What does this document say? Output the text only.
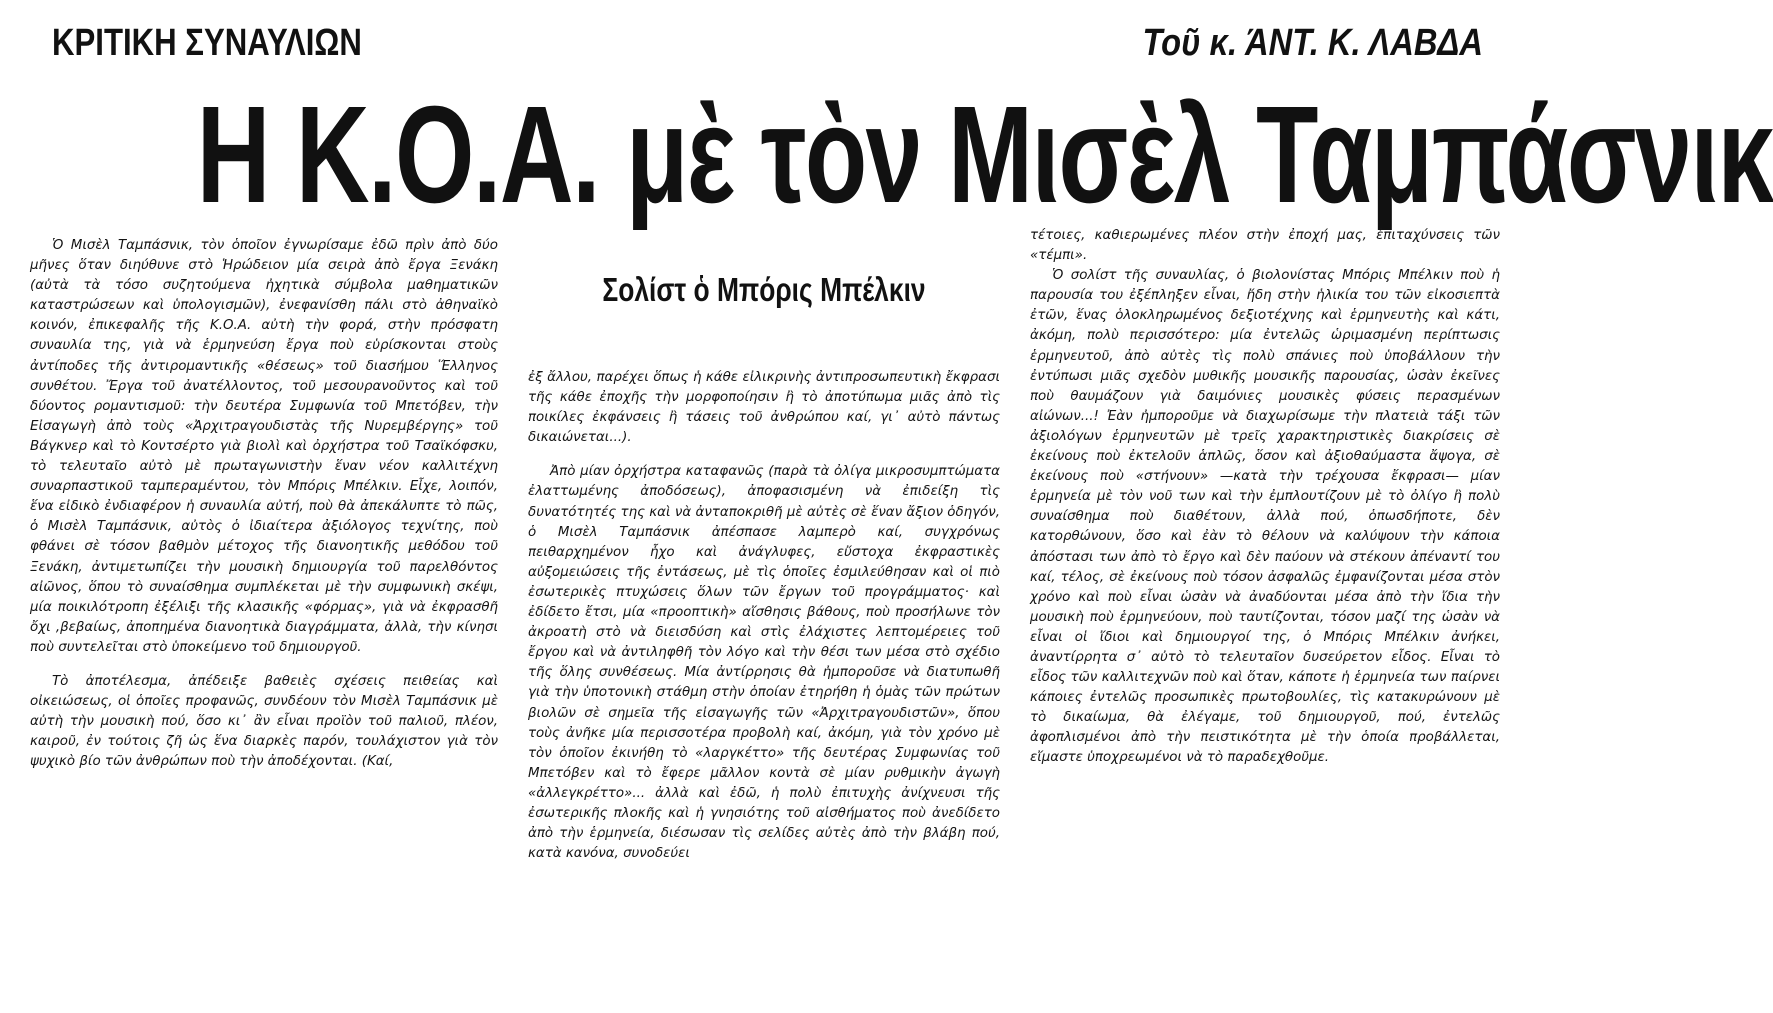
ΚΡΙΤΙΚΗ ΣΥΝΑΥΛΙΩΝ	Τοῦ κ. ΆΝΤ. Κ. ΛΑΒΔΑ
Η Κ.Ο.Α. μὲ τὸν Μισὲλ Ταμπάσνικ

Ὁ Μισὲλ Ταμπάσνικ, τὸν ὁποῖον ἐγνωρίσαμε ἐδῶ πρὶν ἀπὸ δύο μῆνες ὅταν διηύθυνε στὸ Ἡρώδειον μία σειρὰ ἀπὸ ἔργα Ξενάκη (αὐτὰ τὰ τόσο συζητούμενα ἠχητικὰ σύμβολα μαθηματικῶν καταστρώσεων καὶ ὑπολογισμῶν), ἐνεφανίσθη πάλι στὸ ἀθηναϊκὸ κοινόν, ἐπικεφαλῆς τῆς Κ.Ο.Α. αὐτὴ τὴν φορά, στὴν πρόσφατη συναυλία της, γιὰ νὰ ἑρμηνεύση ἔργα ποὺ εὑρίσκονται στοὺς ἀντίποδες τῆς ἀντιρομαντικῆς «θέσεως» τοῦ διασήμου Ἕλληνος συνθέτου. Ἔργα τοῦ ἀνατέλλοντος, τοῦ μεσουρανοῦντος καὶ τοῦ δύοντος ρομαντισμοῦ: τὴν δευτέρα Συμφωνία τοῦ Μπετόβεν, τὴν Εἰσαγωγὴ ἀπὸ τοὺς «Ἀρχιτραγουδιστὰς τῆς Νυρεμβέργης» τοῦ Βάγκνερ καὶ τὸ Κοντσέρτο γιὰ βιολὶ καὶ ὀρχήστρα τοῦ Τσαϊκόφσκυ, τὸ τελευταῖο αὐτὸ μὲ πρωταγωνιστὴν ἕναν νέον καλλιτέχνη συναρπαστικοῦ ταμπεραμέντου, τὸν Μπόρις Μπέλκιν. Εἶχε, λοιπόν, ἕνα εἰδικὸ ἐνδιαφέρον ἡ συναυλία αὐτή, ποὺ θὰ ἀπεκάλυπτε τὸ πῶς, ὁ Μισὲλ Ταμπάσνικ, αὐτὸς ὁ ἰδιαίτερα ἀξιόλογος τεχνίτης, ποὺ φθάνει σὲ τόσον βαθμὸν μέτοχος τῆς διανοητικῆς μεθόδου τοῦ Ξενάκη, ἀντιμετωπίζει τὴν μουσικὴ δημιουργία τοῦ παρελθόντος αἰῶνος, ὅπου τὸ συναίσθημα συμπλέκεται μὲ τὴν συμφωνικὴ σκέψι, μία ποικιλότροπη ἐξέλιξι τῆς κλασικῆς «φόρμας», γιὰ νὰ ἐκφρασθῆ ὄχι ,βεβαίως, ἀποπημένα διανοητικὰ διαγράμματα, ἀλλὰ, τὴν κίνησι ποὺ συντελεῖται στὸ ὑποκείμενο τοῦ δημιουργοῦ.

Τὸ ἀποτέλεσμα, ἀπέδειξε βαθειὲς σχέσεις πειθείας καὶ οἰκειώσεως, οἱ ὁποῖες προφανῶς, συνδέουν τὸν Μισὲλ Ταμπάσνικ μὲ αὐτὴ τὴν μουσικὴ πού, ὅσο κι᾽ ἂν εἶναι προϊὸν τοῦ παλιοῦ, πλέον, καιροῦ, ἐν τούτοις ζῆ ὡς ἕνα διαρκὲς παρόν, τουλάχιστον γιὰ τὸν ψυχικὸ βίο τῶν ἀνθρώπων ποὺ τὴν ἀποδέχονται. (Καί,

Σολίστ ὁ Μπόρις Μπέλκιν

ἐξ ἄλλου, παρέχει ὅπως ἡ κάθε εἰλικρινὴς ἀντιπροσωπευτικὴ ἔκφρασι τῆς κάθε ἐποχῆς τὴν μορφοποίησιν ἢ τὸ ἀποτύπωμα μιᾶς ἀπὸ τὶς ποικίλες ἐκφάνσεις ἢ τάσεις τοῦ ἀνθρώπου καί, γι᾽ αὐτὸ πάντως δικαιώνεται...).

Ἀπὸ μίαν ὀρχήστρα καταφανῶς (παρὰ τὰ ὀλίγα μικροσυμπτώματα ἐλαττωμένης ἀποδόσεως), ἀποφασισμένη νὰ ἐπιδείξη τὶς δυνατότητές της καὶ νὰ ἀνταποκριθῆ μὲ αὐτὲς σὲ ἕναν ἄξιον ὁδηγόν, ὁ Μισὲλ Ταμπάσνικ ἀπέσπασε λαμπερὸ καί, συγχρόνως πειθαρχημένον ἦχο καὶ ἀνάγλυφες, εὔστοχα ἐκφραστικὲς αὐξομειώσεις τῆς ἐντάσεως, μὲ τὶς ὁποῖες ἐσμιλεύθησαν καὶ οἱ πιὸ ἐσωτερικὲς πτυχώσεις ὅλων τῶν ἔργων τοῦ προγράμματος· καὶ ἐδίδετο ἔτσι, μία «προοπτικὴ» αἴσθησις βάθους, ποὺ προσήλωνε τὸν ἀκροατὴ στὸ νὰ διεισδύση καὶ στὶς ἐλάχιστες λεπτομέρειες τοῦ ἔργου καὶ νὰ ἀντιληφθῆ τὸν λόγο καὶ τὴν θέσι των μέσα στὸ σχέδιο τῆς ὅλης συνθέσεως. Μία ἀντίρρησις θὰ ἠμποροῦσε νὰ διατυπωθῆ γιὰ τὴν ὑποτονικὴ στάθμη στὴν ὁποίαν ἐτηρήθη ἡ ὁμὰς τῶν πρώτων βιολῶν σὲ σημεῖα τῆς εἰσαγωγῆς τῶν «Ἀρχιτραγουδιστῶν», ὅπου τοὺς ἀνῆκε μία περισσοτέρα προβολὴ καί, ἀκόμη, γιὰ τὸν χρόνο μὲ τὸν ὁποῖον ἐκινήθη τὸ «λαργκέττο» τῆς δευτέρας Συμφωνίας τοῦ Μπετόβεν καὶ τὸ ἔφερε μᾶλλον κοντὰ σὲ μίαν ρυθμικὴν ἀγωγὴ «ἀλλεγκρέττο»... ἀλλὰ καὶ ἐδῶ, ἡ πολὺ ἐπιτυχὴς ἀνίχνευσι τῆς ἐσωτερικῆς πλοκῆς καὶ ἡ γνησιότης τοῦ αἰσθήματος ποὺ ἀνεδίδετο ἀπὸ τὴν ἑρμηνεία, διέσωσαν τὶς σελίδες αὐτὲς ἀπὸ τὴν βλάβη πού, κατὰ κανόνα, συνοδεύει

τέτοιες, καθιερωμένες πλέον στὴν ἐποχή μας, ἐπιταχύνσεις τῶν «τέμπι».

Ὁ σολίστ τῆς συναυλίας, ὁ βιολονίστας Μπόρις Μπέλκιν ποὺ ἡ παρουσία του ἐξέπληξεν εἶναι, ἤδη στὴν ἡλικία του τῶν εἰκοσιεπτὰ ἐτῶν, ἕνας ὁλοκληρωμένος δεξιοτέχνης καὶ ἑρμηνευτὴς καὶ κάτι, ἀκόμη, πολὺ περισσότερο: μία ἐντελῶς ὡριμασμένη περίπτωσις ἑρμηνευτοῦ, ἀπὸ αὐτὲς τὶς πολὺ σπάνιες ποὺ ὑποβάλλουν τὴν ἐντύπωσι μιᾶς σχεδὸν μυθικῆς μουσικῆς παρουσίας, ὡσὰν ἐκεῖνες ποὺ θαυμάζουν γιὰ δαιμόνιες μουσικὲς φύσεις περασμένων αἰώνων...! Ἐὰν ἠμποροῦμε νὰ διαχωρίσωμε τὴν πλατειὰ τάξι τῶν ἀξιολόγων ἑρμηνευτῶν μὲ τρεῖς χαρακτηριστικὲς διακρίσεις σὲ ἐκείνους ποὺ ἐκτελοῦν ἁπλῶς, ὅσον καὶ ἀξιοθαύμαστα ἄψογα, σὲ ἐκείνους ποὺ «στήνουν» —κατὰ τὴν τρέχουσα ἔκφρασι— μίαν ἑρμηνεία μὲ τὸν νοῦ των καὶ τὴν ἐμπλουτίζουν μὲ τὸ ὀλίγο ἢ πολὺ συναίσθημα ποὺ διαθέτουν, ἀλλὰ πού, ὁπωσδήποτε, δὲν κατορθώνουν, ὅσο καὶ ἐὰν τὸ θέλουν νὰ καλύψουν τὴν κάποια ἀπόστασι των ἀπὸ τὸ ἔργο καὶ δὲν παύουν νὰ στέκουν ἀπέναντί του καί, τέλος, σὲ ἐκείνους ποὺ τόσον ἀσφαλῶς ἐμφανίζονται μέσα στὸν χρόνο καὶ ποὺ εἶναι ὡσὰν νὰ ἀναδύονται μέσα ἀπὸ τὴν ἴδια τὴν μουσικὴ ποὺ ἑρμηνεύουν, ποὺ ταυτίζονται, τόσον μαζί της ὡσὰν νὰ εἶναι οἱ ἴδιοι καὶ δημιουργοί της, ὁ Μπόρις Μπέλκιν ἀνήκει, ἀναντίρρητα σ᾽ αὐτὸ τὸ τελευταῖον δυσεύρετον εἶδος. Εἶναι τὸ εἶδος τῶν καλλιτεχνῶν ποὺ καὶ ὅταν, κάποτε ἡ ἑρμηνεία των παίρνει κάποιες ἐντελῶς προσωπικὲς πρωτοβουλίες, τὶς κατακυρώνουν μὲ τὸ δικαίωμα, θὰ ἐλέγαμε, τοῦ δημιουργοῦ, πού, ἐντελῶς ἀφοπλισμένοι ἀπὸ τὴν πειστικότητα μὲ τὴν ὁποία προβάλλεται, εἴμαστε ὑποχρεωμένοι νὰ τὸ παραδεχθοῦμε.
